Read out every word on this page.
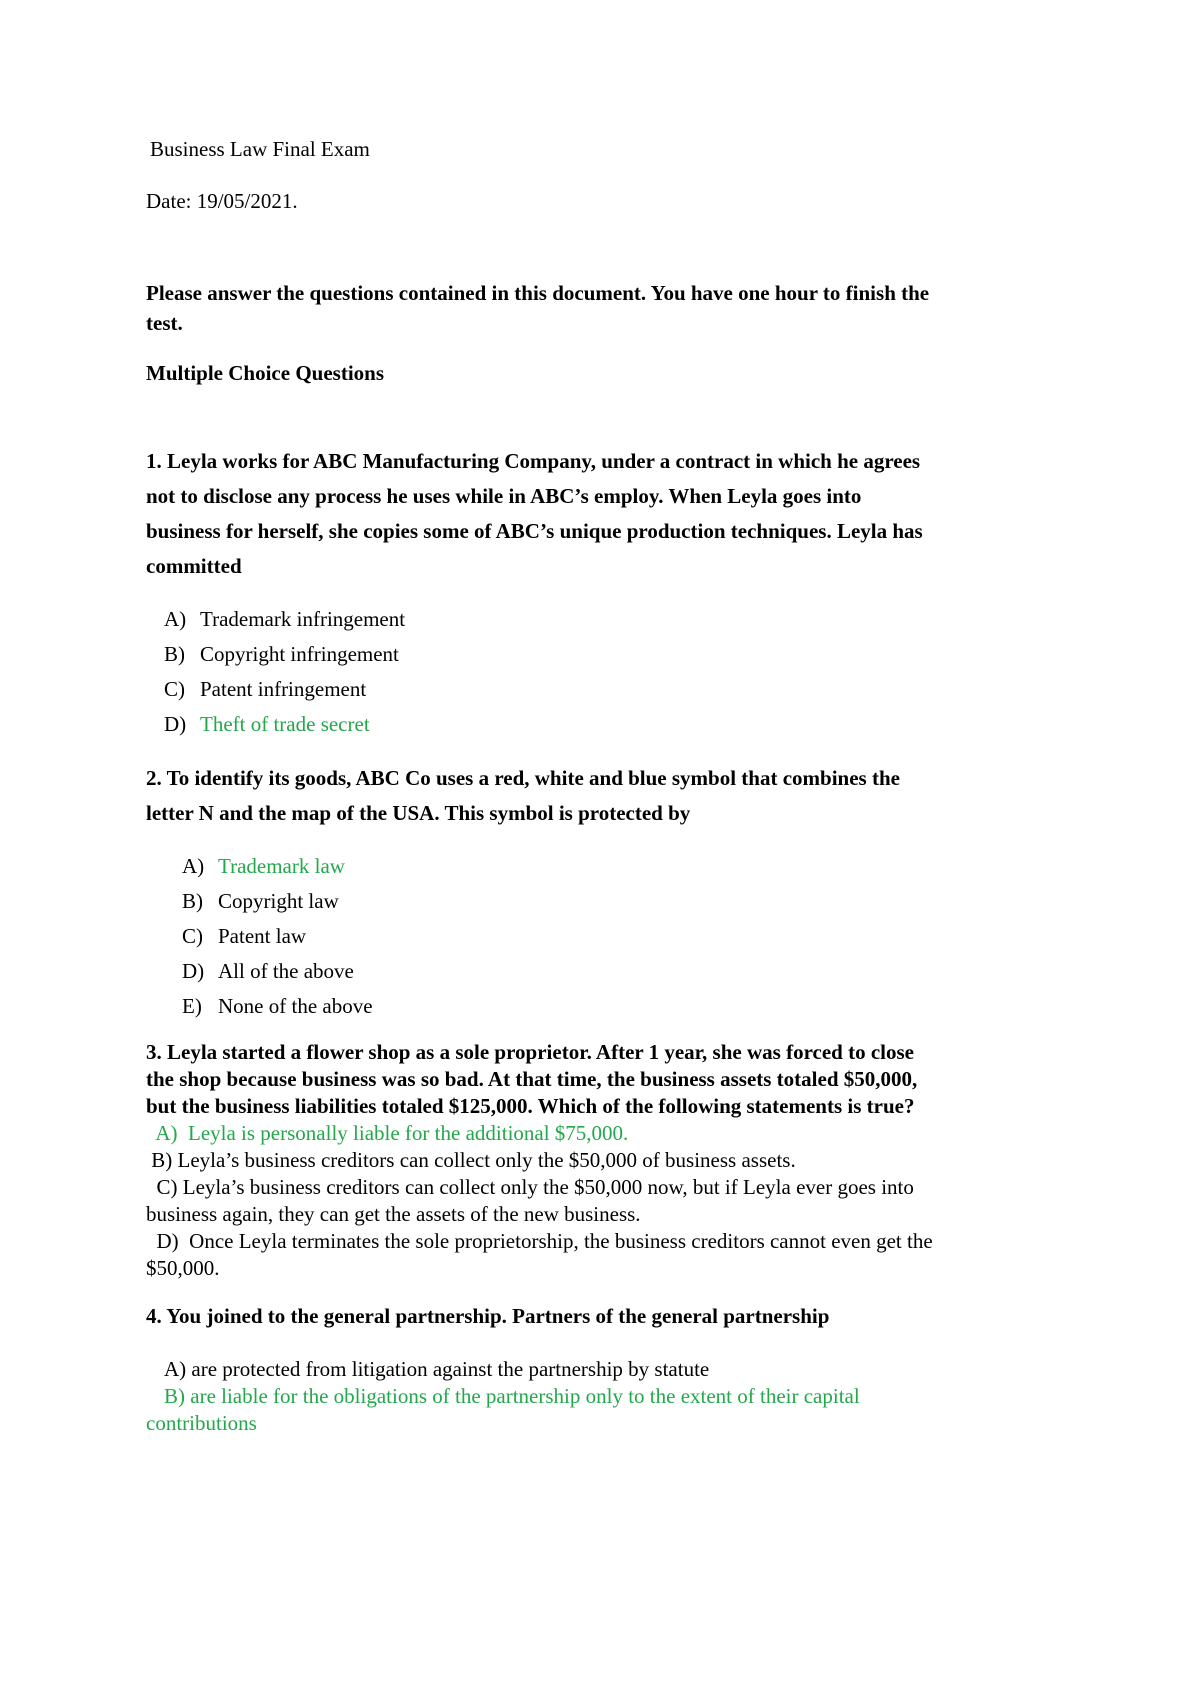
Business Law Final Exam
Date: 19/05/2021.
Please answer the questions contained in this document. You have one hour to finish the
test.
Multiple Choice Questions
1. Leyla works for ABC Manufacturing Company, under a contract in which he agrees
not to disclose any process he uses while in ABC’s employ. When Leyla goes into
business for herself, she copies some of ABC’s unique production techniques. Leyla has
committed
A) Trademark infringement
B) Copyright infringement
C) Patent infringement
D) Theft of trade secret
2. To identify its goods, ABC Co uses a red, white and blue symbol that combines the
letter N and the map of the USA. This symbol is protected by
A) Trademark law
B) Copyright law
C) Patent law
D) All of the above
E) None of the above
3. Leyla started a flower shop as a sole proprietor. After 1 year, she was forced to close
the shop because business was so bad. At that time, the business assets totaled $50,000,
but the business liabilities totaled $125,000. Which of the following statements is true?
A)  Leyla is personally liable for the additional $75,000.
B) Leyla’s business creditors can collect only the $50,000 of business assets.
C) Leyla’s business creditors can collect only the $50,000 now, but if Leyla ever goes into
business again, they can get the assets of the new business.
D)  Once Leyla terminates the sole proprietorship, the business creditors cannot even get the
$50,000.
4. You joined to the general partnership. Partners of the general partnership
A) are protected from litigation against the partnership by statute
B) are liable for the obligations of the partnership only to the extent of their capital
contributions
